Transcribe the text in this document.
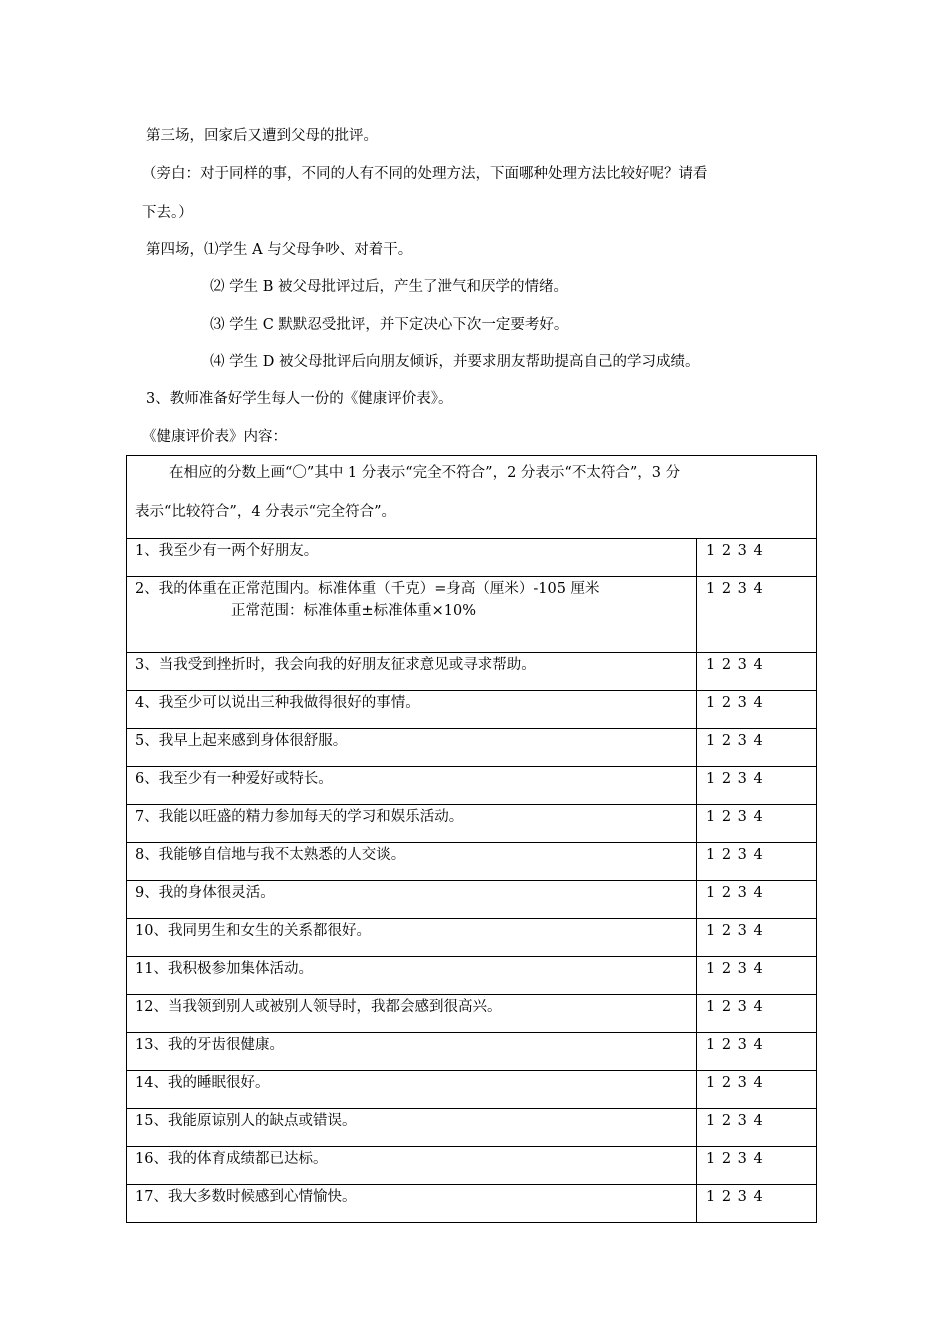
第三场，回家后又遭到父母的批评。
（旁白：对于同样的事，不同的人有不同的处理方法，下面哪种处理方法比较好呢？请看
下去。）
第四场，⑴学生 A 与父母争吵、对着干。
⑵ 学生 B 被父母批评过后，产生了泄气和厌学的情绪。
⑶ 学生 C 默默忍受批评，并下定决心下次一定要考好。
⑷ 学生 D 被父母批评后向朋友倾诉，并要求朋友帮助提高自己的学习成绩。
3、教师准备好学生每人一份的《健康评价表》。
《健康评价表》内容：

在相应的分数上画“〇”其中 1 分表示“完全不符合”，2 分表示“不太符合”，3 分

表示“比较符合”，4 分表示“完全符合”。	

1、我至少有一两个好朋友。	1 2 3 4

2、我的体重在正常范围内。标准体重（千克）=身高（厘米）-105 厘米
正常范围：标准体重±标准体重×10%	1 2 3 4

3、当我受到挫折时，我会向我的好朋友征求意见或寻求帮助。	1 2 3 4

4、我至少可以说出三种我做得很好的事情。	1 2 3 4

5、我早上起来感到身体很舒服。	1 2 3 4

6、我至少有一种爱好或特长。	1 2 3 4

7、我能以旺盛的精力参加每天的学习和娱乐活动。	1 2 3 4

8、我能够自信地与我不太熟悉的人交谈。	1 2 3 4

9、我的身体很灵活。	1 2 3 4

10、我同男生和女生的关系都很好。	1 2 3 4

11、我积极参加集体活动。	1 2 3 4

12、当我领到别人或被别人领导时，我都会感到很高兴。	1 2 3 4

13、我的牙齿很健康。	1 2 3 4

14、我的睡眠很好。	1 2 3 4

15、我能原谅别人的缺点或错误。	1 2 3 4

16、我的体育成绩都已达标。	1 2 3 4

17、我大多数时候感到心情愉快。	1 2 3 4
